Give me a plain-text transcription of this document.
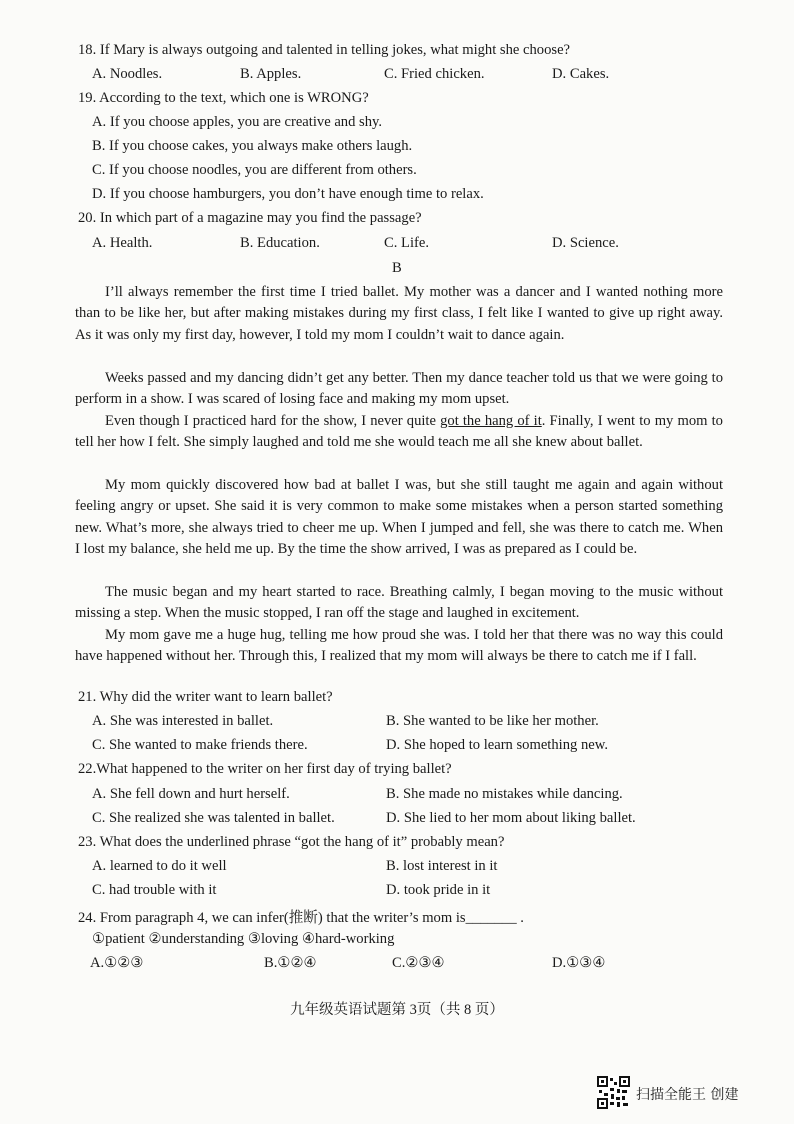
18. If Mary is always outgoing and talented in telling jokes, what might she choose?
A. Noodles.	B. Apples.	C. Fried chicken.	D. Cakes.
19. According to the text, which one is WRONG?
A. If you choose apples, you are creative and shy.
B. If you choose cakes, you always make others laugh.
C. If you choose noodles, you are different from others.
D. If you choose hamburgers, you don’t have enough time to relax.
20. In which part of a magazine may you find the passage?
A. Health.	B. Education.	C. Life.	D. Science.
B

I’ll always remember the first time I tried ballet. My mother was a dancer and I wanted nothing more than to be like her, but after making mistakes during my first class, I felt like I wanted to give up right away. As it was only my first day, however, I told my mom I couldn’t wait to dance again.

Weeks passed and my dancing didn’t get any better. Then my dance teacher told us that we were going to perform in a show. I was scared of losing face and making my mom upset.

Even though I practiced hard for the show, I never quite got the hang of it. Finally, I went to my mom to tell her how I felt. She simply laughed and told me she would teach me all she knew about ballet.

My mom quickly discovered how bad at ballet I was, but she still taught me again and again without feeling angry or upset. She said it is very common to make some mistakes when a person started something new. What’s more, she always tried to cheer me up. When I jumped and fell, she was there to catch me. When I lost my balance, she held me up. By the time the show arrived, I was as prepared as I could be.

The music began and my heart started to race. Breathing calmly, I began moving to the music without missing a step. When the music stopped, I ran off the stage and laughed in excitement.

My mom gave me a huge hug, telling me how proud she was. I told her that there was no way this could have happened without her. Through this, I realized that my mom will always be there to catch me if I fall.

21. Why did the writer want to learn ballet?
A. She was interested in ballet.	B. She wanted to be like her mother.
C. She wanted to make friends there.	D. She hoped to learn something new.
22.What happened to the writer on her first day of trying ballet?
A. She fell down and hurt herself.	B. She made no mistakes while dancing.
C. She realized she was talented in ballet.	D. She lied to her mom about liking ballet.
23. What does the underlined phrase “got the hang of it” probably mean?
A. learned to do it well	B. lost interest in it
C. had trouble with it	D. took pride in it
24. From paragraph 4, we can infer(推断) that the writer’s mom is_______ .
①patient ②understanding ③loving ④hard-working
A.①②③	B.①②④	C.②③④	D.①③④
九年级英语试题第 3页（共 8 页）
扫描全能王 创建
